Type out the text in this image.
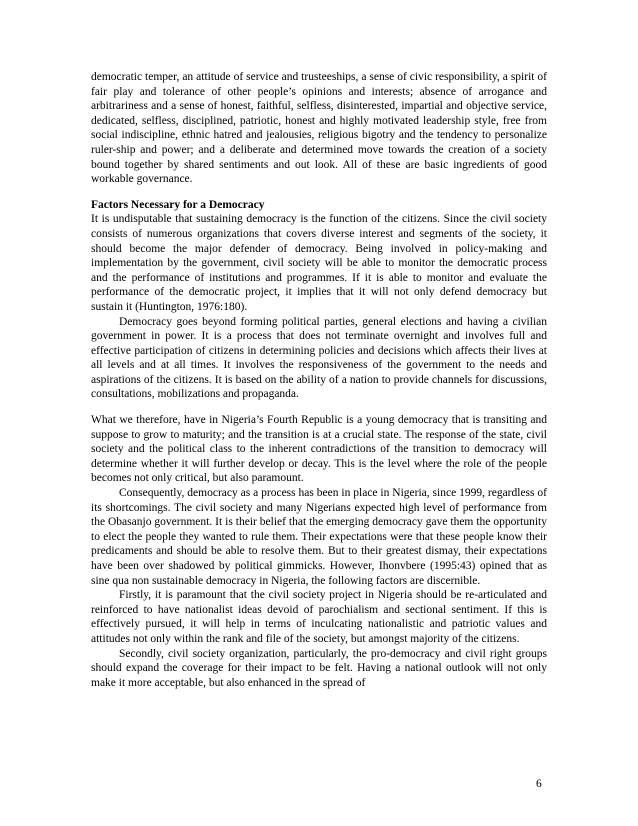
democratic temper, an attitude of service and trusteeships, a sense of civic responsibility, a spirit of fair play and tolerance of other people’s opinions and interests; absence of arrogance and arbitrariness and a sense of honest, faithful, selfless, disinterested, impartial and objective service, dedicated, selfless, disciplined, patriotic, honest and highly motivated leadership style, free from social indiscipline, ethnic hatred and jealousies, religious bigotry and the tendency to personalize ruler-ship and power; and a deliberate and determined move towards the creation of a society bound together by shared sentiments and out look. All of these are basic ingredients of good workable governance.

Factors Necessary for a Democracy

It is undisputable that sustaining democracy is the function of the citizens. Since the civil society consists of numerous organizations that covers diverse interest and segments of the society, it should become the major defender of democracy. Being involved in policy-making and implementation by the government, civil society will be able to monitor the democratic process and the performance of institutions and programmes. If it is able to monitor and evaluate the performance of the democratic project, it implies that it will not only defend democracy but sustain it (Huntington, 1976:180).

Democracy goes beyond forming political parties, general elections and having a civilian government in power. It is a process that does not terminate overnight and involves full and effective participation of citizens in determining policies and decisions which affects their lives at all levels and at all times. It involves the responsiveness of the government to the needs and aspirations of the citizens. It is based on the ability of a nation to provide channels for discussions, consultations, mobilizations and propaganda.

What we therefore, have in Nigeria’s Fourth Republic is a young democracy that is transiting and suppose to grow to maturity; and the transition is at a crucial state. The response of the state, civil society and the political class to the inherent contradictions of the transition to democracy will determine whether it will further develop or decay. This is the level where the role of the people becomes not only critical, but also paramount.

Consequently, democracy as a process has been in place in Nigeria, since 1999, regardless of its shortcomings. The civil society and many Nigerians expected high level of performance from the Obasanjo government. It is their belief that the emerging democracy gave them the opportunity to elect the people they wanted to rule them. Their expectations were that these people know their predicaments and should be able to resolve them. But to their greatest dismay, their expectations have been over shadowed by political gimmicks. However, Ihonvbere (1995:43) opined that as sine qua non sustainable democracy in Nigeria, the following factors are discernible.

Firstly, it is paramount that the civil society project in Nigeria should be re-articulated and reinforced to have nationalist ideas devoid of parochialism and sectional sentiment. If this is effectively pursued, it will help in terms of inculcating nationalistic and patriotic values and attitudes not only within the rank and file of the society, but amongst majority of the citizens.

Secondly, civil society organization, particularly, the pro-democracy and civil right groups should expand the coverage for their impact to be felt. Having a national outlook will not only make it more acceptable, but also enhanced in the spread of

6
